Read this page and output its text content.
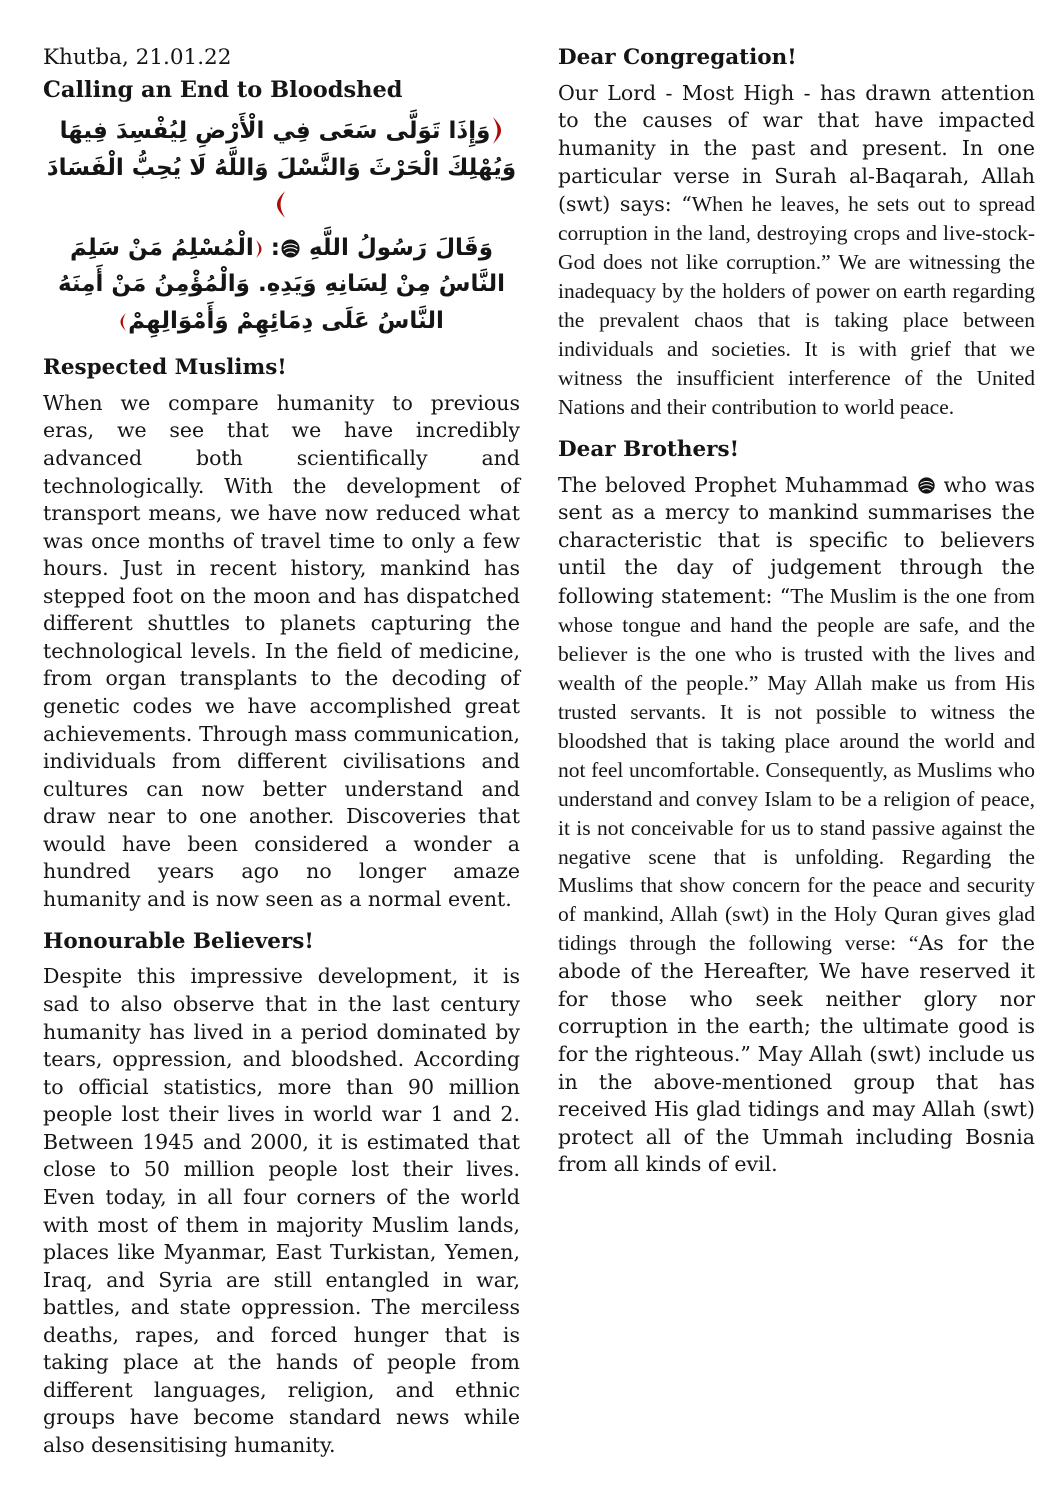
Khutba, 21.01.22

Calling an End to Bloodshed

وَإِذَا تَوَلَّى سَعَى فِي الْأَرْضِ لِيُفْسِدَ فِيهَا وَيُهْلِكَ الْحَرْثَ وَالنَّسْلَ وَاللَّهُ لَا يُحِبُّ الْفَسَادَ

وَقَالَ رَسُولُ اللَّهِ : الْمُسْلِمُ مَنْ سَلِمَ النَّاسُ مِنْ لِسَانِهِ وَيَدِهِ. وَالْمُؤْمِنُ مَنْ أَمِنَهُ النَّاسُ عَلَى دِمَائِهِمْ وَأَمْوَالِهِمْ

Respected Muslims!

When we compare humanity to previous eras, we see that we have incredibly advanced both scientifically and technologically. With the development of transport means, we have now reduced what was once months of travel time to only a few hours. Just in recent history, mankind has stepped foot on the moon and has dispatched different shuttles to planets capturing the technological levels. In the field of medicine, from organ transplants to the decoding of genetic codes we have accomplished great achievements. Through mass communication, individuals from different civilisations and cultures can now better understand and draw near to one another. Discoveries that would have been considered a wonder a hundred years ago no longer amaze humanity and is now seen as a normal event.

Honourable Believers!

Despite this impressive development, it is sad to also observe that in the last century humanity has lived in a period dominated by tears, oppression, and bloodshed. According to official statistics, more than 90 million people lost their lives in world war 1 and 2. Between 1945 and 2000, it is estimated that close to 50 million people lost their lives. Even today, in all four corners of the world with most of them in majority Muslim lands, places like Myanmar, East Turkistan, Yemen, Iraq, and Syria are still entangled in war, battles, and state oppression. The merciless deaths, rapes, and forced hunger that is taking place at the hands of people from different languages, religion, and ethnic groups have become standard news while also desensitising humanity.

Dear Congregation!

Our Lord - Most High - has drawn attention to the causes of war that have impacted humanity in the past and present. In one particular verse in Surah al-Baqarah, Allah (swt) says: “When he leaves, he sets out to spread corruption in the land, destroying crops and live-stock- God does not like corruption.” We are witnessing the inadequacy by the holders of power on earth regarding the prevalent chaos that is taking place between individuals and societies. It is with grief that we witness the insufficient interference of the United Nations and their contribution to world peace.

Dear Brothers!

The beloved Prophet Muhammad who was sent as a mercy to mankind summarises the characteristic that is specific to believers until the day of judgement through the following statement: “The Muslim is the one from whose tongue and hand the people are safe, and the believer is the one who is trusted with the lives and wealth of the people.” May Allah make us from His trusted servants. It is not possible to witness the bloodshed that is taking place around the world and not feel uncomfortable. Consequently, as Muslims who understand and convey Islam to be a religion of peace, it is not conceivable for us to stand passive against the negative scene that is unfolding. Regarding the Muslims that show concern for the peace and security of mankind, Allah (swt) in the Holy Quran gives glad tidings through the following verse: “As for the abode of the Hereafter, We have reserved it for those who seek neither glory nor corruption in the earth; the ultimate good is for the righteous.” May Allah (swt) include us in the above-mentioned group that has received His glad tidings and may Allah (swt) protect all of the Ummah including Bosnia from all kinds of evil.
